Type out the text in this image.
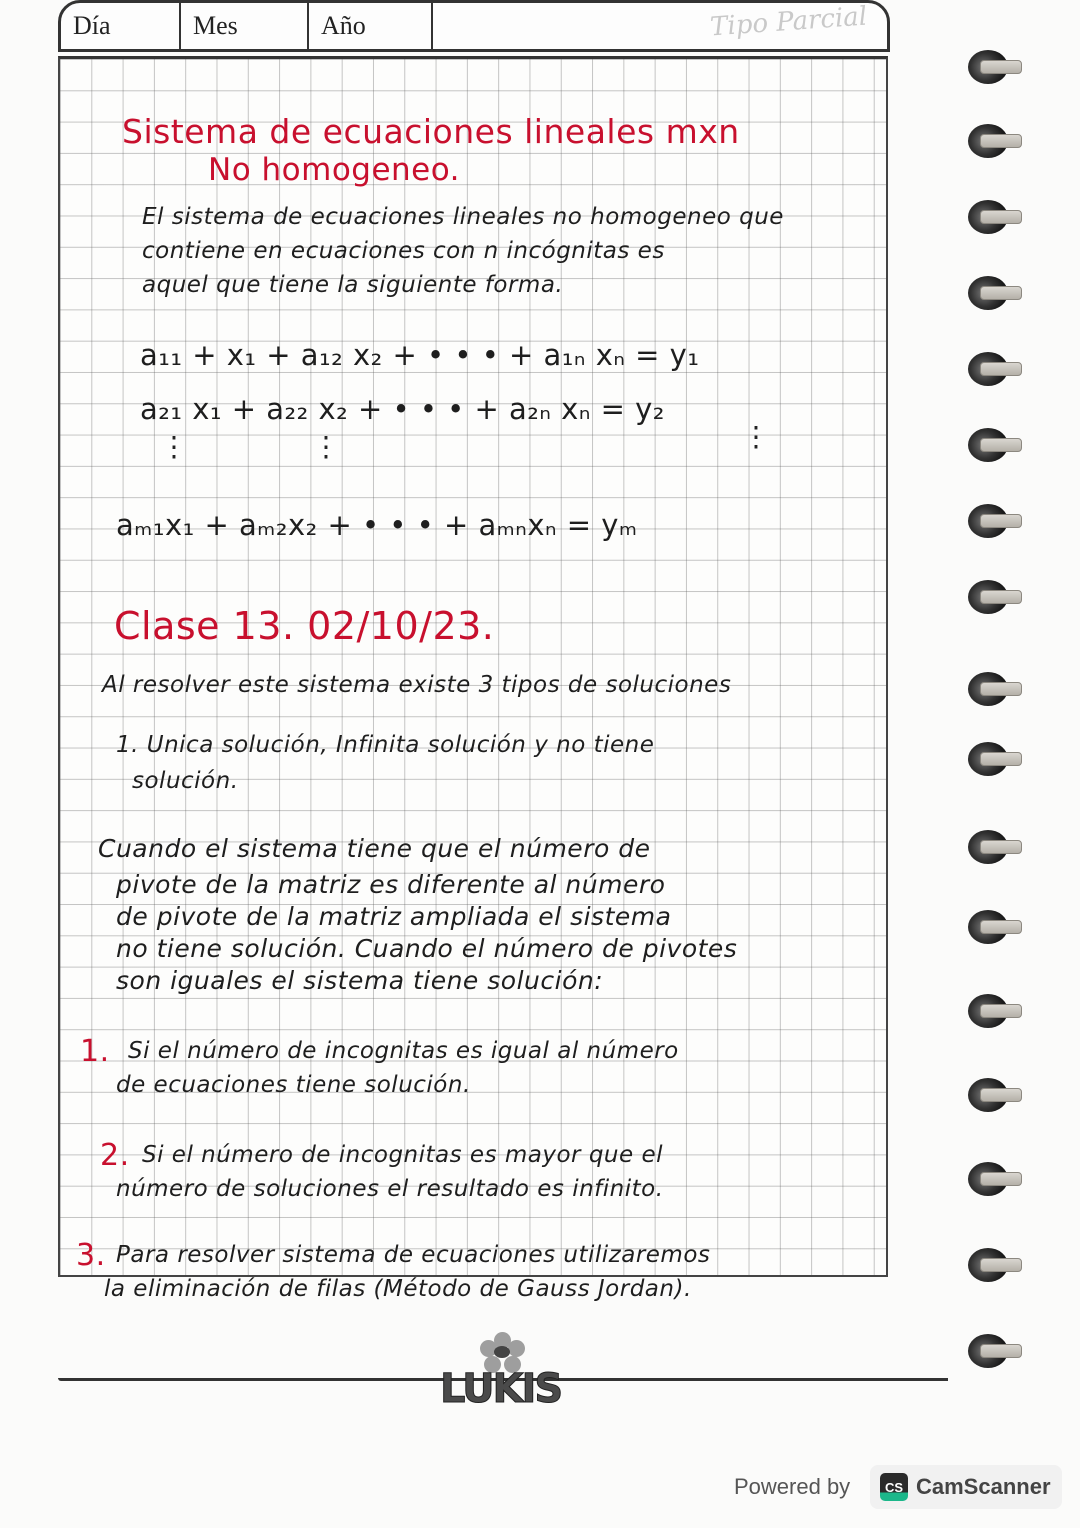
Día	Mes	Año	Tipo Parcial
Sistema de ecuaciones lineales mxn
No homogeneo.
El sistema de ecuaciones lineales no homogeneo que
contiene en ecuaciones con n incógnitas es
aquel que tiene la siguiente forma.
a₁₁ + x₁ + a₁₂ x₂ + • • • + a₁ₙ xₙ = y₁
a₂₁ x₁ + a₂₂ x₂ + • • • + a₂ₙ xₙ = y₂
⋮	⋮	⋮
aₘ₁x₁ + aₘ₂x₂ + • • • + aₘₙxₙ = yₘ
Clase 13. 02/10/23.
Al resolver este sistema existe 3 tipos de soluciones
1. Unica solución, Infinita solución y no tiene
solución.
Cuando el sistema tiene que el número de
pivote de la matriz es diferente al número
de pivote de la matriz ampliada el sistema
no tiene solución. Cuando el número de pivotes
son iguales el sistema tiene solución:
1. Si el número de incognitas es igual al número
de ecuaciones tiene solución.
2. Si el número de incognitas es mayor que el
número de soluciones el resultado es infinito.
3. Para resolver sistema de ecuaciones utilizaremos
la eliminación de filas (Método de Gauss Jordan).
LUKIS
Powered by	CS CamScanner
